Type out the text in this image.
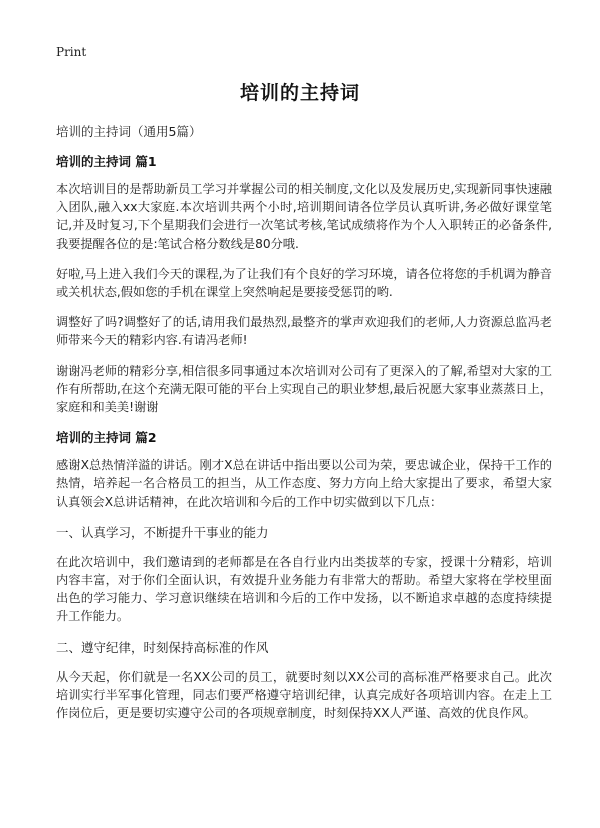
Print
培训的主持词

培训的主持词（通用5篇）

培训的主持词 篇1

本次培训目的是帮助新员工学习并掌握公司的相关制度,文化以及发展历史,实现新同事快速融入团队,融入xx大家庭.本次培训共两个小时,培训期间请各位学员认真听讲,务必做好课堂笔记,并及时复习,下个星期我们会进行一次笔试考核,笔试成绩将作为个人入职转正的必备条件,我要提醒各位的是:笔试合格分数线是80分哦.

好啦,马上进入我们今天的课程,为了让我们有个良好的学习环境，请各位将您的手机调为静音或关机状态,假如您的手机在课堂上突然响起是要接受惩罚的哟.

调整好了吗?调整好了的话,请用我们最热烈,最整齐的掌声欢迎我们的老师,人力资源总监冯老师带来今天的精彩内容.有请冯老师!

谢谢冯老师的精彩分享,相信很多同事通过本次培训对公司有了更深入的了解,希望对大家的工作有所帮助,在这个充满无限可能的平台上实现自己的职业梦想,最后祝愿大家事业蒸蒸日上，家庭和和美美!谢谢

培训的主持词 篇2

感谢X总热情洋溢的讲话。刚才X总在讲话中指出要以公司为荣，要忠诚企业，保持干工作的热情，培养起一名合格员工的担当，从工作态度、努力方向上给大家提出了要求，希望大家认真领会X总讲话精神，在此次培训和今后的工作中切实做到以下几点：

一、认真学习，不断提升干事业的能力

在此次培训中，我们邀请到的老师都是在各自行业内出类拔萃的专家，授课十分精彩，培训内容丰富，对于你们全面认识，有效提升业务能力有非常大的帮助。希望大家将在学校里面出色的学习能力、学习意识继续在培训和今后的工作中发扬，以不断追求卓越的态度持续提升工作能力。

二、遵守纪律，时刻保持高标准的作风

从今天起，你们就是一名XX公司的员工，就要时刻以XX公司的高标准严格要求自己。此次培训实行半军事化管理，同志们要严格遵守培训纪律，认真完成好各项培训内容。在走上工作岗位后，更是要切实遵守公司的各项规章制度，时刻保持XX人严谨、高效的优良作风。
